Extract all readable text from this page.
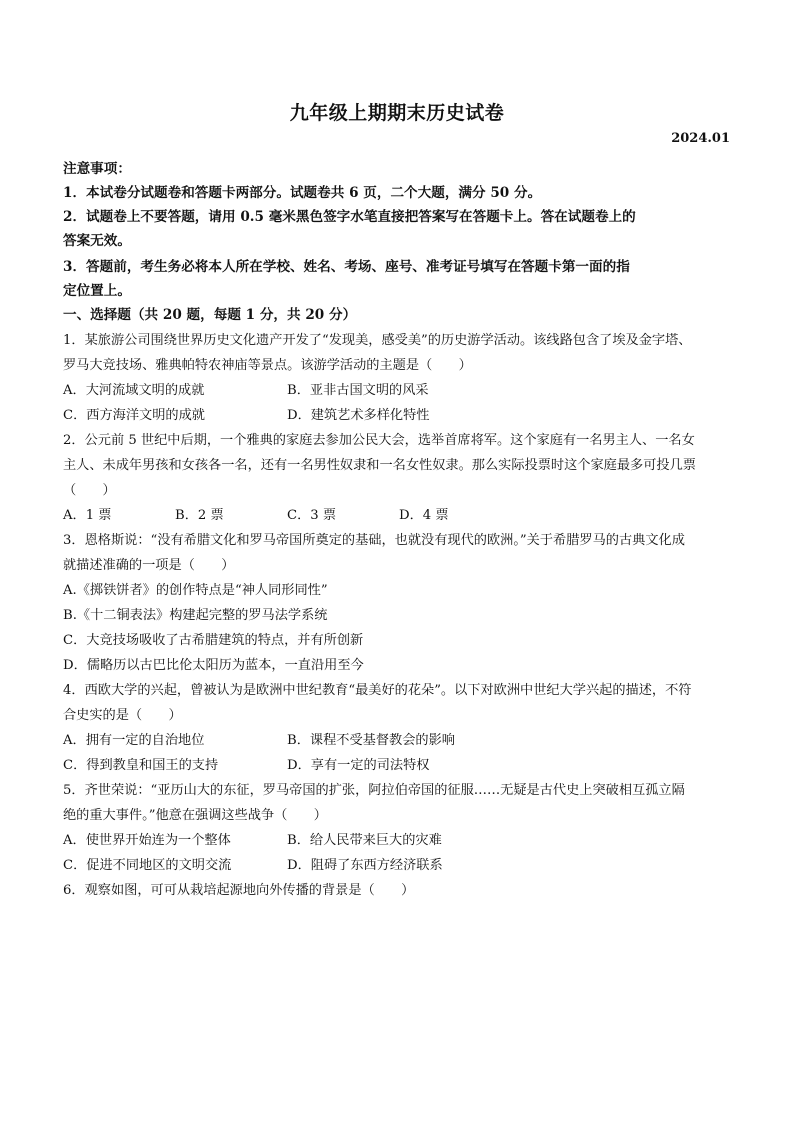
九年级上期期末历史试卷
2024.01
注意事项：
1．本试卷分试题卷和答题卡两部分。试题卷共 6 页，二个大题，满分 50 分。
2．试题卷上不要答题，请用 0.5 毫米黑色签字水笔直接把答案写在答题卡上。答在试题卷上的
答案无效。
3．答题前，考生务必将本人所在学校、姓名、考场、座号、准考证号填写在答题卡第一面的指
定位置上。
一、选择题（共 20 题，每题 1 分，共 20 分）
1．某旅游公司围绕世界历史文化遗产开发了“发现美，感受美”的历史游学活动。该线路包含了埃及金字塔、
罗马大竞技场、雅典帕特农神庙等景点。该游学活动的主题是（　　）
A．大河流域文明的成就	B．亚非古国文明的风采
C．西方海洋文明的成就	D．建筑艺术多样化特性
2．公元前 5 世纪中后期，一个雅典的家庭去参加公民大会，选举首席将军。这个家庭有一名男主人、一名女
主人、未成年男孩和女孩各一名，还有一名男性奴隶和一名女性奴隶。那么实际投票时这个家庭最多可投几票
（　　）
A．1 票	B．2 票	C．3 票	D．4 票
3．恩格斯说：“没有希腊文化和罗马帝国所奠定的基础，也就没有现代的欧洲。”关于希腊罗马的古典文化成
就描述准确的一项是（　　）
A.《掷铁饼者》的创作特点是“神人同形同性”
B.《十二铜表法》构建起完整的罗马法学系统
C．大竞技场吸收了古希腊建筑的特点，并有所创新
D．儒略历以古巴比伦太阳历为蓝本，一直沿用至今
4．西欧大学的兴起，曾被认为是欧洲中世纪教育“最美好的花朵”。以下对欧洲中世纪大学兴起的描述，不符
合史实的是（　　）
A．拥有一定的自治地位	B．课程不受基督教会的影响
C．得到教皇和国王的支持	D．享有一定的司法特权
5．齐世荣说：“亚历山大的东征，罗马帝国的扩张，阿拉伯帝国的征服……无疑是古代史上突破相互孤立隔
绝的重大事件。”他意在强调这些战争（　　）
A．使世界开始连为一个整体	B．给人民带来巨大的灾难
C．促进不同地区的文明交流	D．阻碍了东西方经济联系
6．观察如图，可可从栽培起源地向外传播的背景是（　　）
